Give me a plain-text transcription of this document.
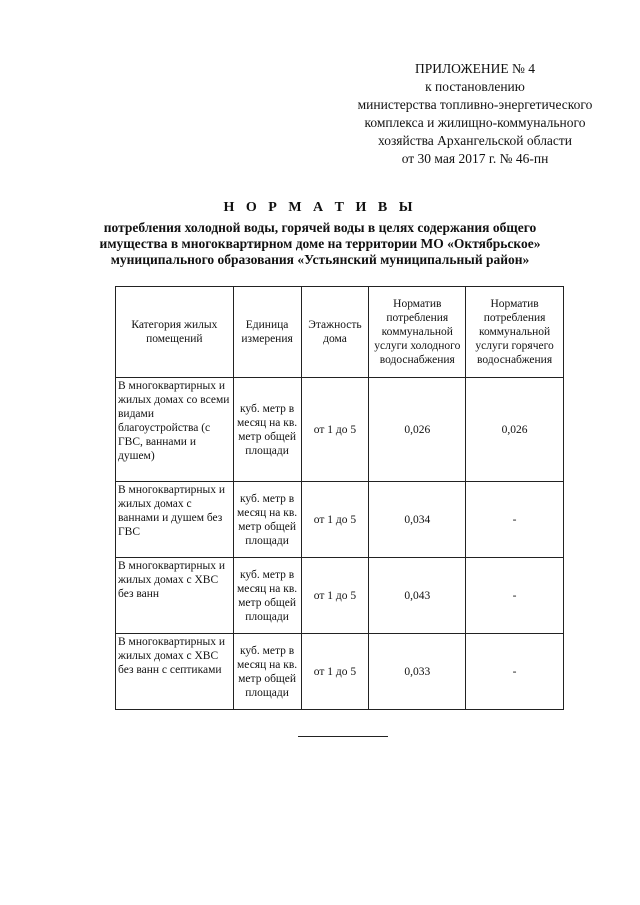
ПРИЛОЖЕНИЕ № 4
к постановлению
министерства топливно-энергетического
комплекса и жилищно-коммунального
хозяйства Архангельской области
от 30 мая 2017 г. № 46-пн
Н О Р М А Т И В Ы
потребления холодной воды, горячей воды в целях содержания общего
имущества в многоквартирном доме на территории МО «Октябрьское»
муниципального образования «Устьянский муниципальный район»
Категория жилых помещений	Единица измерения	Этажность дома	Норматив потребления коммунальной услуги холодного водоснабжения	Норматив потребления коммунальной услуги горячего водоснабжения
В многоквартирных и жилых домах со всеми видами благоустройства (с ГВС, ваннами и душем)	куб. метр в месяц на кв. метр общей площади	от 1 до 5	0,026	0,026
В многоквартирных и жилых домах с ваннами и душем без ГВС	куб. метр в месяц на кв. метр общей площади	от 1 до 5	0,034	-
В многоквартирных и жилых домах с ХВС без ванн	куб. метр в месяц на кв. метр общей площади	от 1 до 5	0,043	-
В многоквартирных и жилых домах с ХВС без ванн с септиками	куб. метр в месяц на кв. метр общей площади	от 1 до 5	0,033	-
